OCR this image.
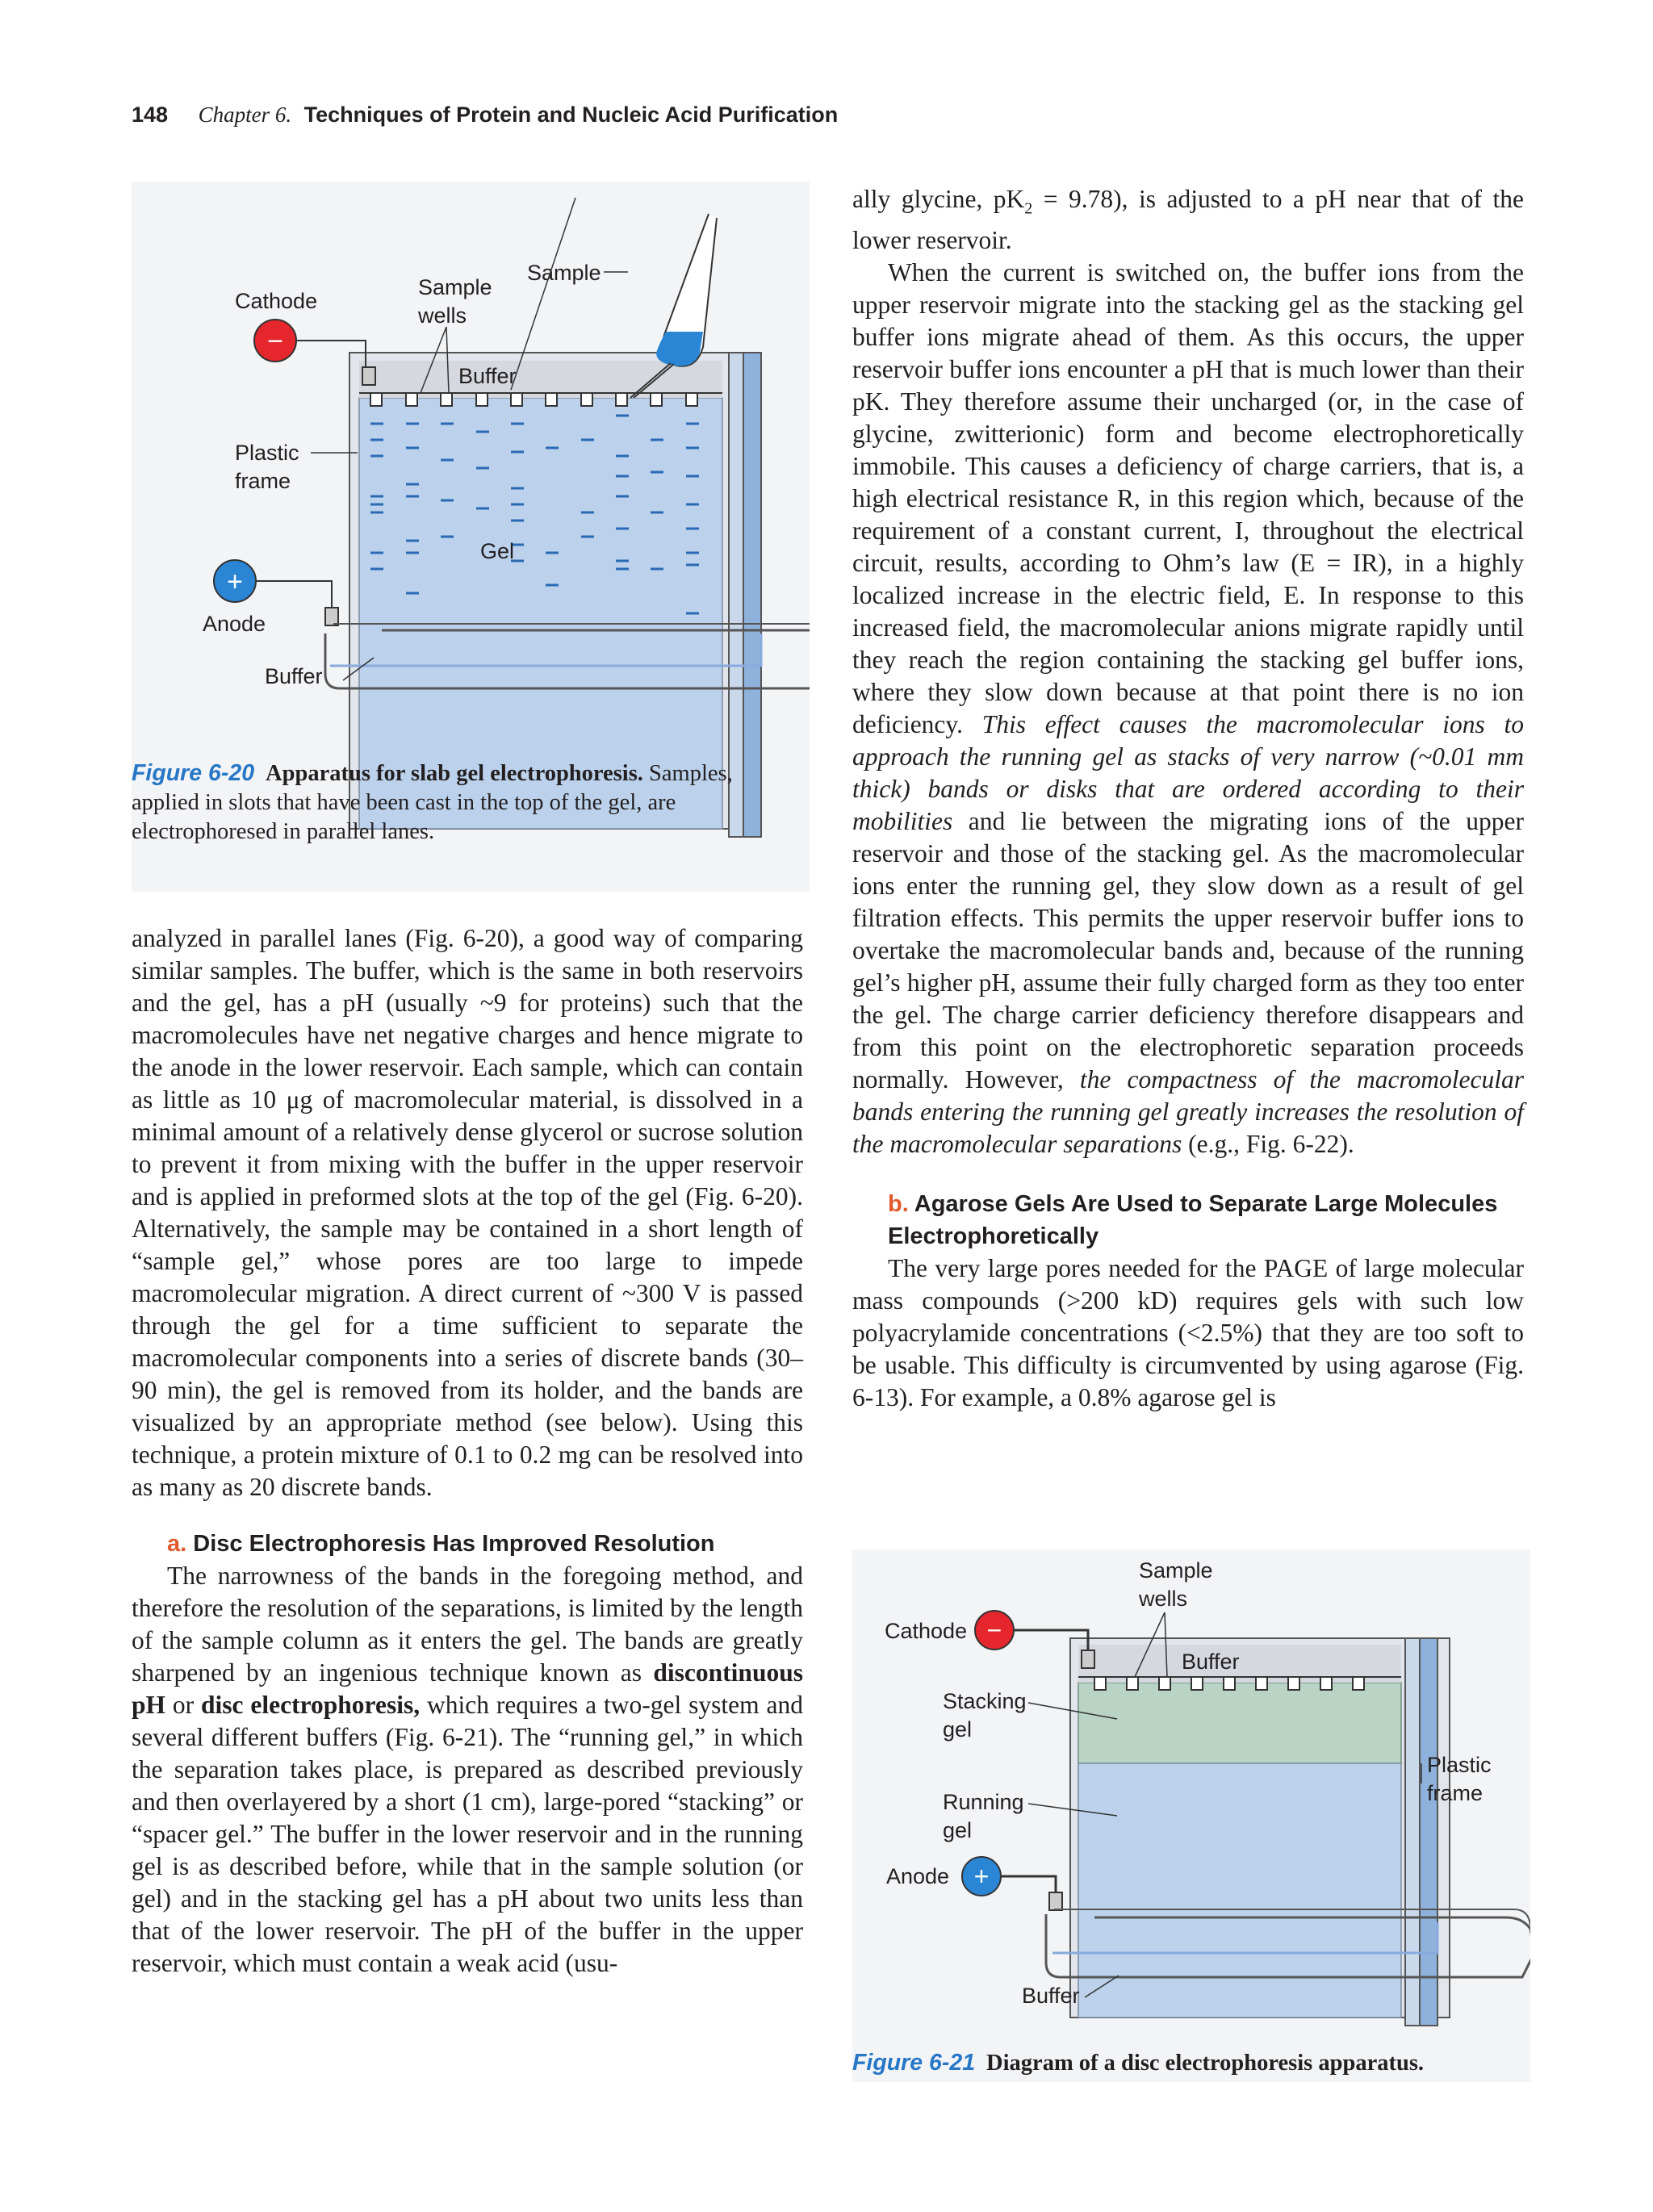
148 Chapter 6. Techniques of Protein and Nucleic Acid Purification
−
+
Cathode
Sample
wells
Sample
Buffer
Plastic
frame
Gel
Anode
Buffer
Figure 6-20 Apparatus for slab gel electrophoresis. Samples, applied in slots that have been cast in the top of the gel, are electrophoresed in parallel lanes.

analyzed in parallel lanes (Fig. 6-20), a good way of comparing similar samples. The buffer, which is the same in both reservoirs and the gel, has a pH (usually ~9 for proteins) such that the macromolecules have net negative charges and hence migrate to the anode in the lower reservoir. Each sample, which can contain as little as 10 μg of macromolecular material, is dissolved in a minimal amount of a relatively dense glycerol or sucrose solution to prevent it from mixing with the buffer in the upper reservoir and is applied in preformed slots at the top of the gel (Fig. 6-20). Alternatively, the sample may be contained in a short length of “sample gel,” whose pores are too large to impede macromolecular migration. A direct current of ~300 V is passed through the gel for a time sufficient to separate the macromolecular components into a series of discrete bands (30–90 min), the gel is removed from its holder, and the bands are visualized by an appropriate method (see below). Using this technique, a protein mixture of 0.1 to 0.2 mg can be resolved into as many as 20 discrete bands.

a. Disc Electrophoresis Has Improved Resolution

The narrowness of the bands in the foregoing method, and therefore the resolution of the separations, is limited by the length of the sample column as it enters the gel. The bands are greatly sharpened by an ingenious technique known as discontinuous pH or disc electrophoresis, which requires a two-gel system and several different buffers (Fig. 6-21). The “running gel,” in which the separation takes place, is prepared as described previously and then overlayered by a short (1 cm), large-pored “stacking” or “spacer gel.” The buffer in the lower reservoir and in the running gel is as described before, while that in the sample solution (or gel) and in the stacking gel has a pH about two units less than that of the lower reservoir. The pH of the buffer in the upper reservoir, which must contain a weak acid (usu-

ally glycine, $pK_2 = 9.78$), is adjusted to a pH near that of the lower reservoir.

When the current is switched on, the buffer ions from the upper reservoir migrate into the stacking gel as the stacking gel buffer ions migrate ahead of them. As this occurs, the upper reservoir buffer ions encounter a pH that is much lower than their pK. They therefore assume their uncharged (or, in the case of glycine, zwitterionic) form and become electrophoretically immobile. This causes a deficiency of charge carriers, that is, a high electrical resistance R, in this region which, because of the requirement of a constant current, I, throughout the electrical circuit, results, according to Ohm’s law (E = IR), in a highly localized increase in the electric field, E. In response to this increased field, the macromolecular anions migrate rapidly until they reach the region containing the stacking gel buffer ions, where they slow down because at that point there is no ion deficiency. This effect causes the macromolecular ions to approach the running gel as stacks of very narrow (~0.01 mm thick) bands or disks that are ordered according to their mobilities and lie between the migrating ions of the upper reservoir and those of the stacking gel. As the macromolecular ions enter the running gel, they slow down as a result of gel filtration effects. This permits the upper reservoir buffer ions to overtake the macromolecular bands and, because of the running gel’s higher pH, assume their fully charged form as they too enter the gel. The charge carrier deficiency therefore disappears and from this point on the electrophoretic separation proceeds normally. However, the compactness of the macromolecular bands entering the running gel greatly increases the resolution of the macromolecular separations (e.g., Fig. 6-22).

b. Agarose Gels Are Used to Separate Large Molecules Electrophoretically

The very large pores needed for the PAGE of large molecular mass compounds (>200 kD) requires gels with such low polyacrylamide concentrations (<2.5%) that they are too soft to be usable. This difficulty is circumvented by using agarose (Fig. 6-13). For example, a 0.8% agarose gel is

−
+
Sample
wells
Cathode
Buffer
Stacking
gel
Plastic
frame
Running
gel
Anode
Buffer
Figure 6-21 Diagram of a disc electrophoresis apparatus.
